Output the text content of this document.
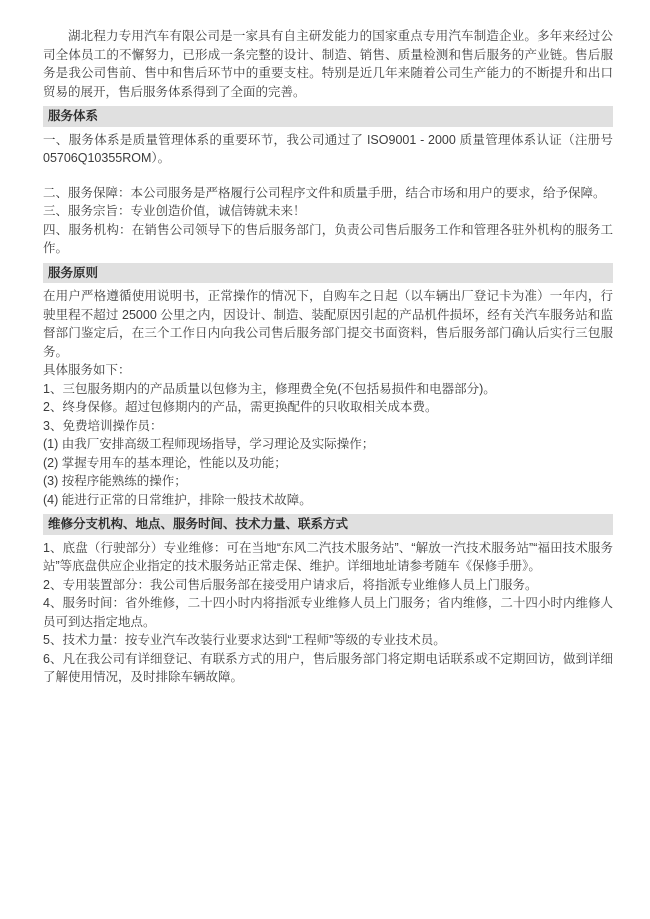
湖北程力专用汽车有限公司是一家具有自主研发能力的国家重点专用汽车制造企业。多年来经过公司全体员工的不懈努力，已形成一条完整的设计、制造、销售、质量检测和售后服务的产业链。售后服务是我公司售前、售中和售后环节中的重要支柱。特别是近几年来随着公司生产能力的不断提升和出口贸易的展开，售后服务体系得到了全面的完善。

服务体系

一、服务体系是质量管理体系的重要环节，我公司通过了 ISO9001 - 2000 质量管理体系认证（注册号 05706Q10355ROM）。

二、服务保障：本公司服务是严格履行公司程序文件和质量手册，结合市场和用户的要求，给予保障。

三、服务宗旨：专业创造价值，诚信铸就未来！

四、服务机构：在销售公司领导下的售后服务部门，负责公司售后服务工作和管理各驻外机构的服务工作。

服务原则

在用户严格遵循使用说明书，正常操作的情况下，自购车之日起（以车辆出厂登记卡为准）一年内，行驶里程不超过 25000 公里之内，因设计、制造、装配原因引起的产品机件损坏，经有关汽车服务站和监督部门鉴定后，在三个工作日内向我公司售后服务部门提交书面资料，售后服务部门确认后实行三包服务。

具体服务如下：

1、三包服务期内的产品质量以包修为主，修理费全免(不包括易损件和电器部分)。

2、终身保修。超过包修期内的产品，需更换配件的只收取相关成本费。

3、免费培训操作员：

(1) 由我厂安排高级工程师现场指导，学习理论及实际操作；

(2) 掌握专用车的基本理论，性能以及功能；

(3) 按程序能熟练的操作；

(4) 能进行正常的日常维护，排除一般技术故障。

维修分支机构、地点、服务时间、技术力量、联系方式

1、底盘（行驶部分）专业维修：可在当地“东风二汽技术服务站”、“解放一汽技术服务站”“福田技术服务站”等底盘供应企业指定的技术服务站正常走保、维护。详细地址请参考随车《保修手册》。

2、专用装置部分：我公司售后服务部在接受用户请求后，将指派专业维修人员上门服务。

4、服务时间：省外维修，二十四小时内将指派专业维修人员上门服务；省内维修，二十四小时内维修人员可到达指定地点。

5、技术力量：按专业汽车改装行业要求达到“工程师”等级的专业技术员。

6、凡在我公司有详细登记、有联系方式的用户，售后服务部门将定期电话联系或不定期回访，做到详细了解使用情况，及时排除车辆故障。
